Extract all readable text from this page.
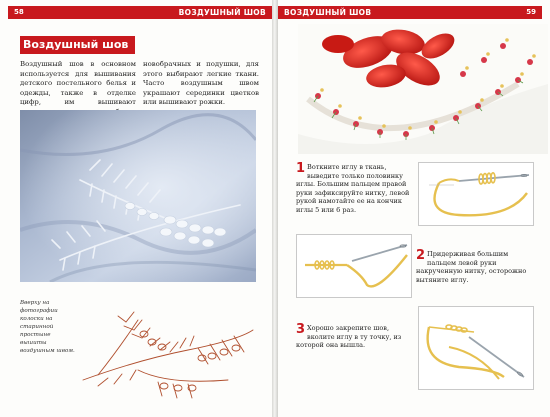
58	ВОЗДУШНЫЙ ШОВ
Воздушный шов
Воздушный шов в основном используется для вышивания детского постельного белья и одежды, также в отделке цифр, им вышивают
новобрачных и подушки, для этого выбирают легкие ткани. Часто воздушным швом украшают серединки цветков или вышивают рожки.
Вверху на фотографии колоски на старинной простыне вышиты воздушным швом.
ВОЗДУШНЫЙ ШОВ	59
1 Воткните иглу в ткань, выведите только половинку иглы. Большим пальцем правой руки зафиксируйте нитку, левой рукой намотайте ее на кончик иглы 5 или 6 раз.
2 Придерживая большим пальцем левой руки накрученную нитку, осторожно вытяните иглу.
3 Хорошо закрепите шов, вколите иглу в ту точку, из которой она вышла.
